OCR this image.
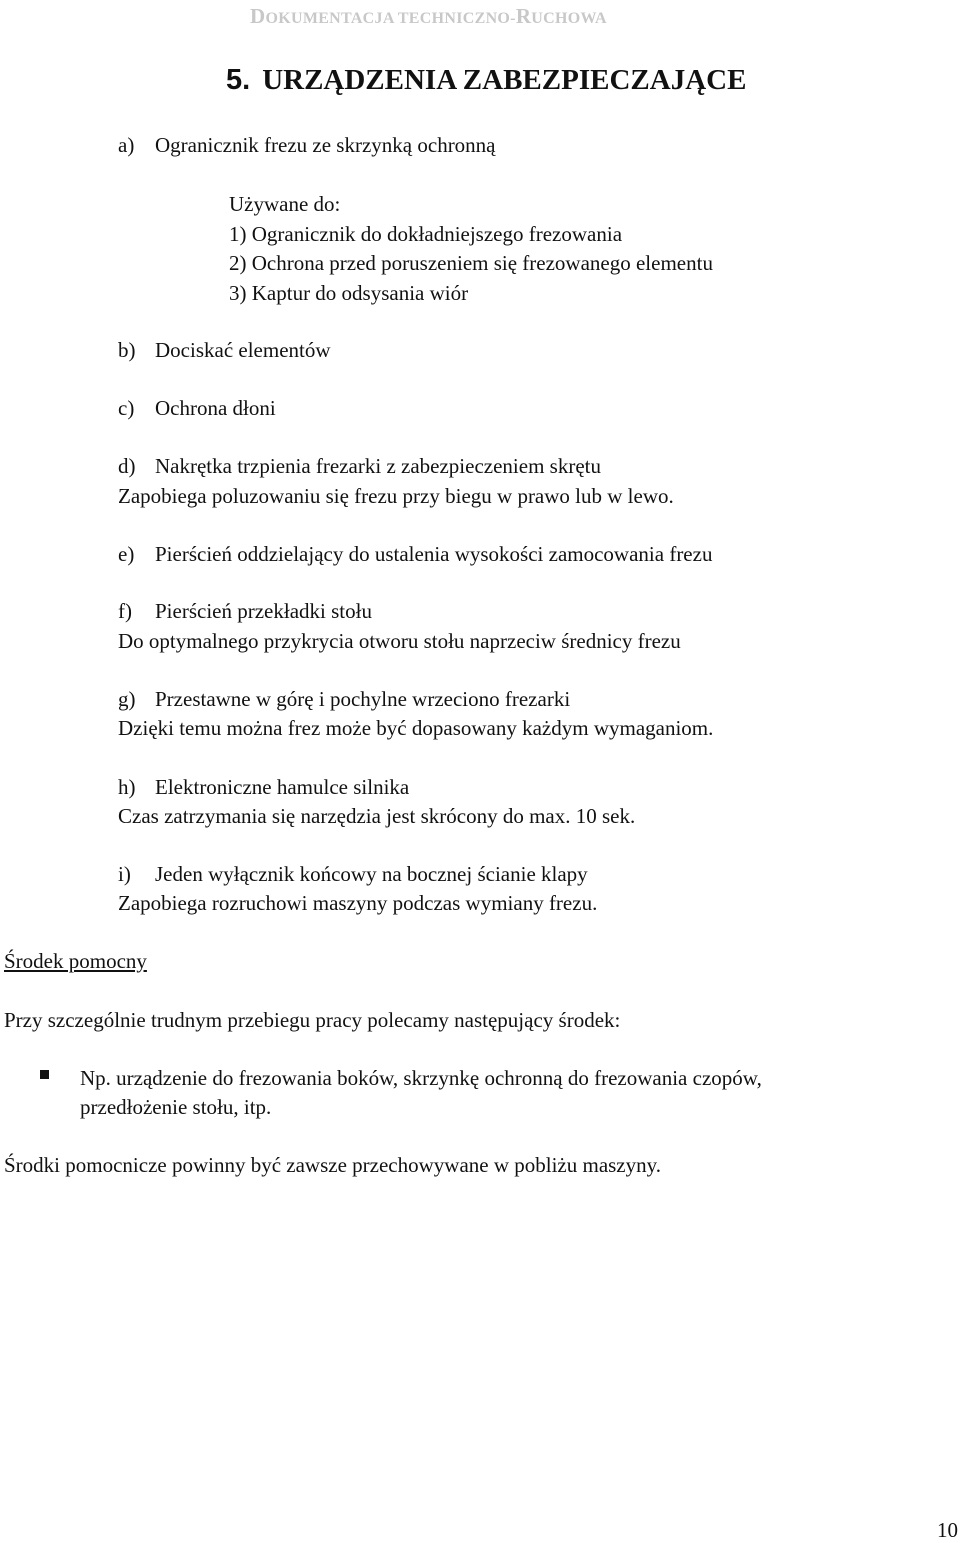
DOKUMENTACJA TECHNICZNO-RUCHOWA
5. URZĄDZENIA ZABEZPIECZAJĄCE
a) Ogranicznik frezu ze skrzynką ochronną
Używane do:
1) Ogranicznik do dokładniejszego frezowania
2) Ochrona przed poruszeniem się frezowanego elementu
3) Kaptur do odsysania wiór
b) Dociskać elementów
c) Ochrona dłoni
d) Nakrętka trzpienia frezarki z zabezpieczeniem skrętu
Zapobiega poluzowaniu się frezu przy biegu w prawo lub w lewo.
e) Pierścień oddzielający do ustalenia wysokości zamocowania frezu
f) Pierścień przekładki stołu
Do optymalnego przykrycia otworu stołu naprzeciw średnicy frezu
g) Przestawne w górę i pochylne wrzeciono frezarki
Dzięki temu można frez może być dopasowany każdym wymaganiom.
h) Elektroniczne hamulce silnika
Czas zatrzymania się narzędzia jest skrócony do max. 10 sek.
i) Jeden wyłącznik końcowy na bocznej ścianie klapy
Zapobiega rozruchowi maszyny podczas wymiany frezu.
Środek pomocny
Przy szczególnie trudnym przebiegu pracy polecamy następujący środek:
Np. urządzenie do frezowania boków, skrzynkę ochronną do frezowania czopów,
przedłożenie stołu, itp.
Środki pomocnicze powinny być zawsze przechowywane w pobliżu maszyny.
10
